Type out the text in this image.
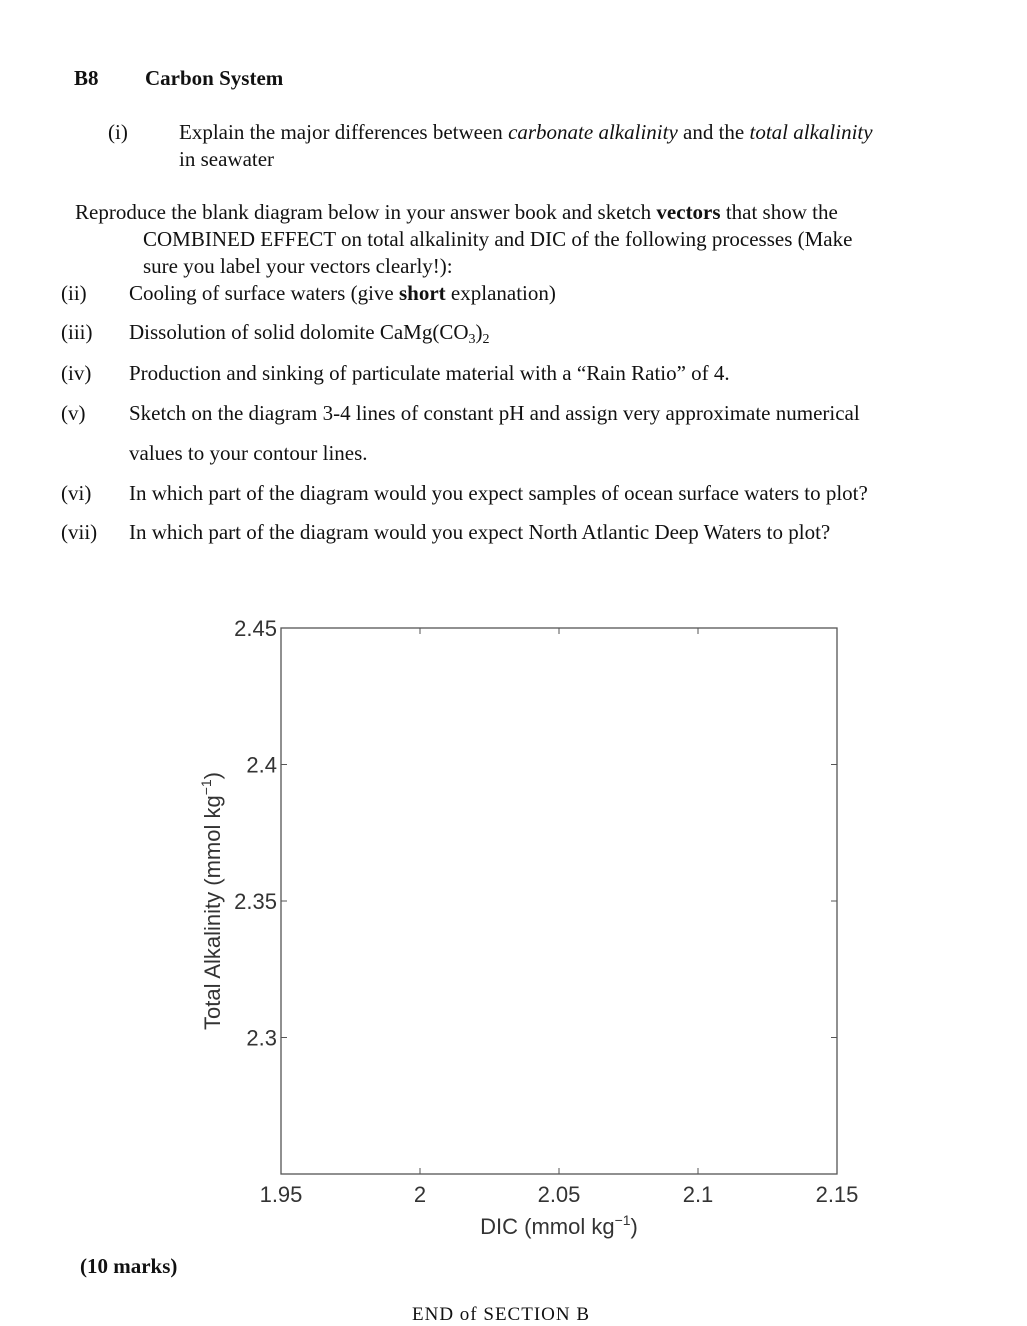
B8 Carbon System
(i) Explain the major differences between carbonate alkalinity and the total alkalinity
in seawater
Reproduce the blank diagram below in your answer book and sketch vectors that show the
COMBINED EFFECT on total alkalinity and DIC of the following processes (Make
sure you label your vectors clearly!):
(ii) Cooling of surface waters (give short explanation)
(iii) Dissolution of solid dolomite $CaMg(CO_3)_2$
(iv) Production and sinking of particulate material with a “Rain Ratio” of 4.
(v) Sketch on the diagram 3-4 lines of constant pH and assign very approximate numerical
values to your contour lines.
(vi) In which part of the diagram would you expect samples of ocean surface waters to plot?
(vii) In which part of the diagram would you expect North Atlantic Deep Waters to plot?
1.95	2	2.05	2.1	2.15
2.3
2.35
2.4
2.45
DIC (mmol $kg^{-1}$)
Total Alkalinity (mmol $kg^{-1}$)
(10 marks)
END of SECTION B
